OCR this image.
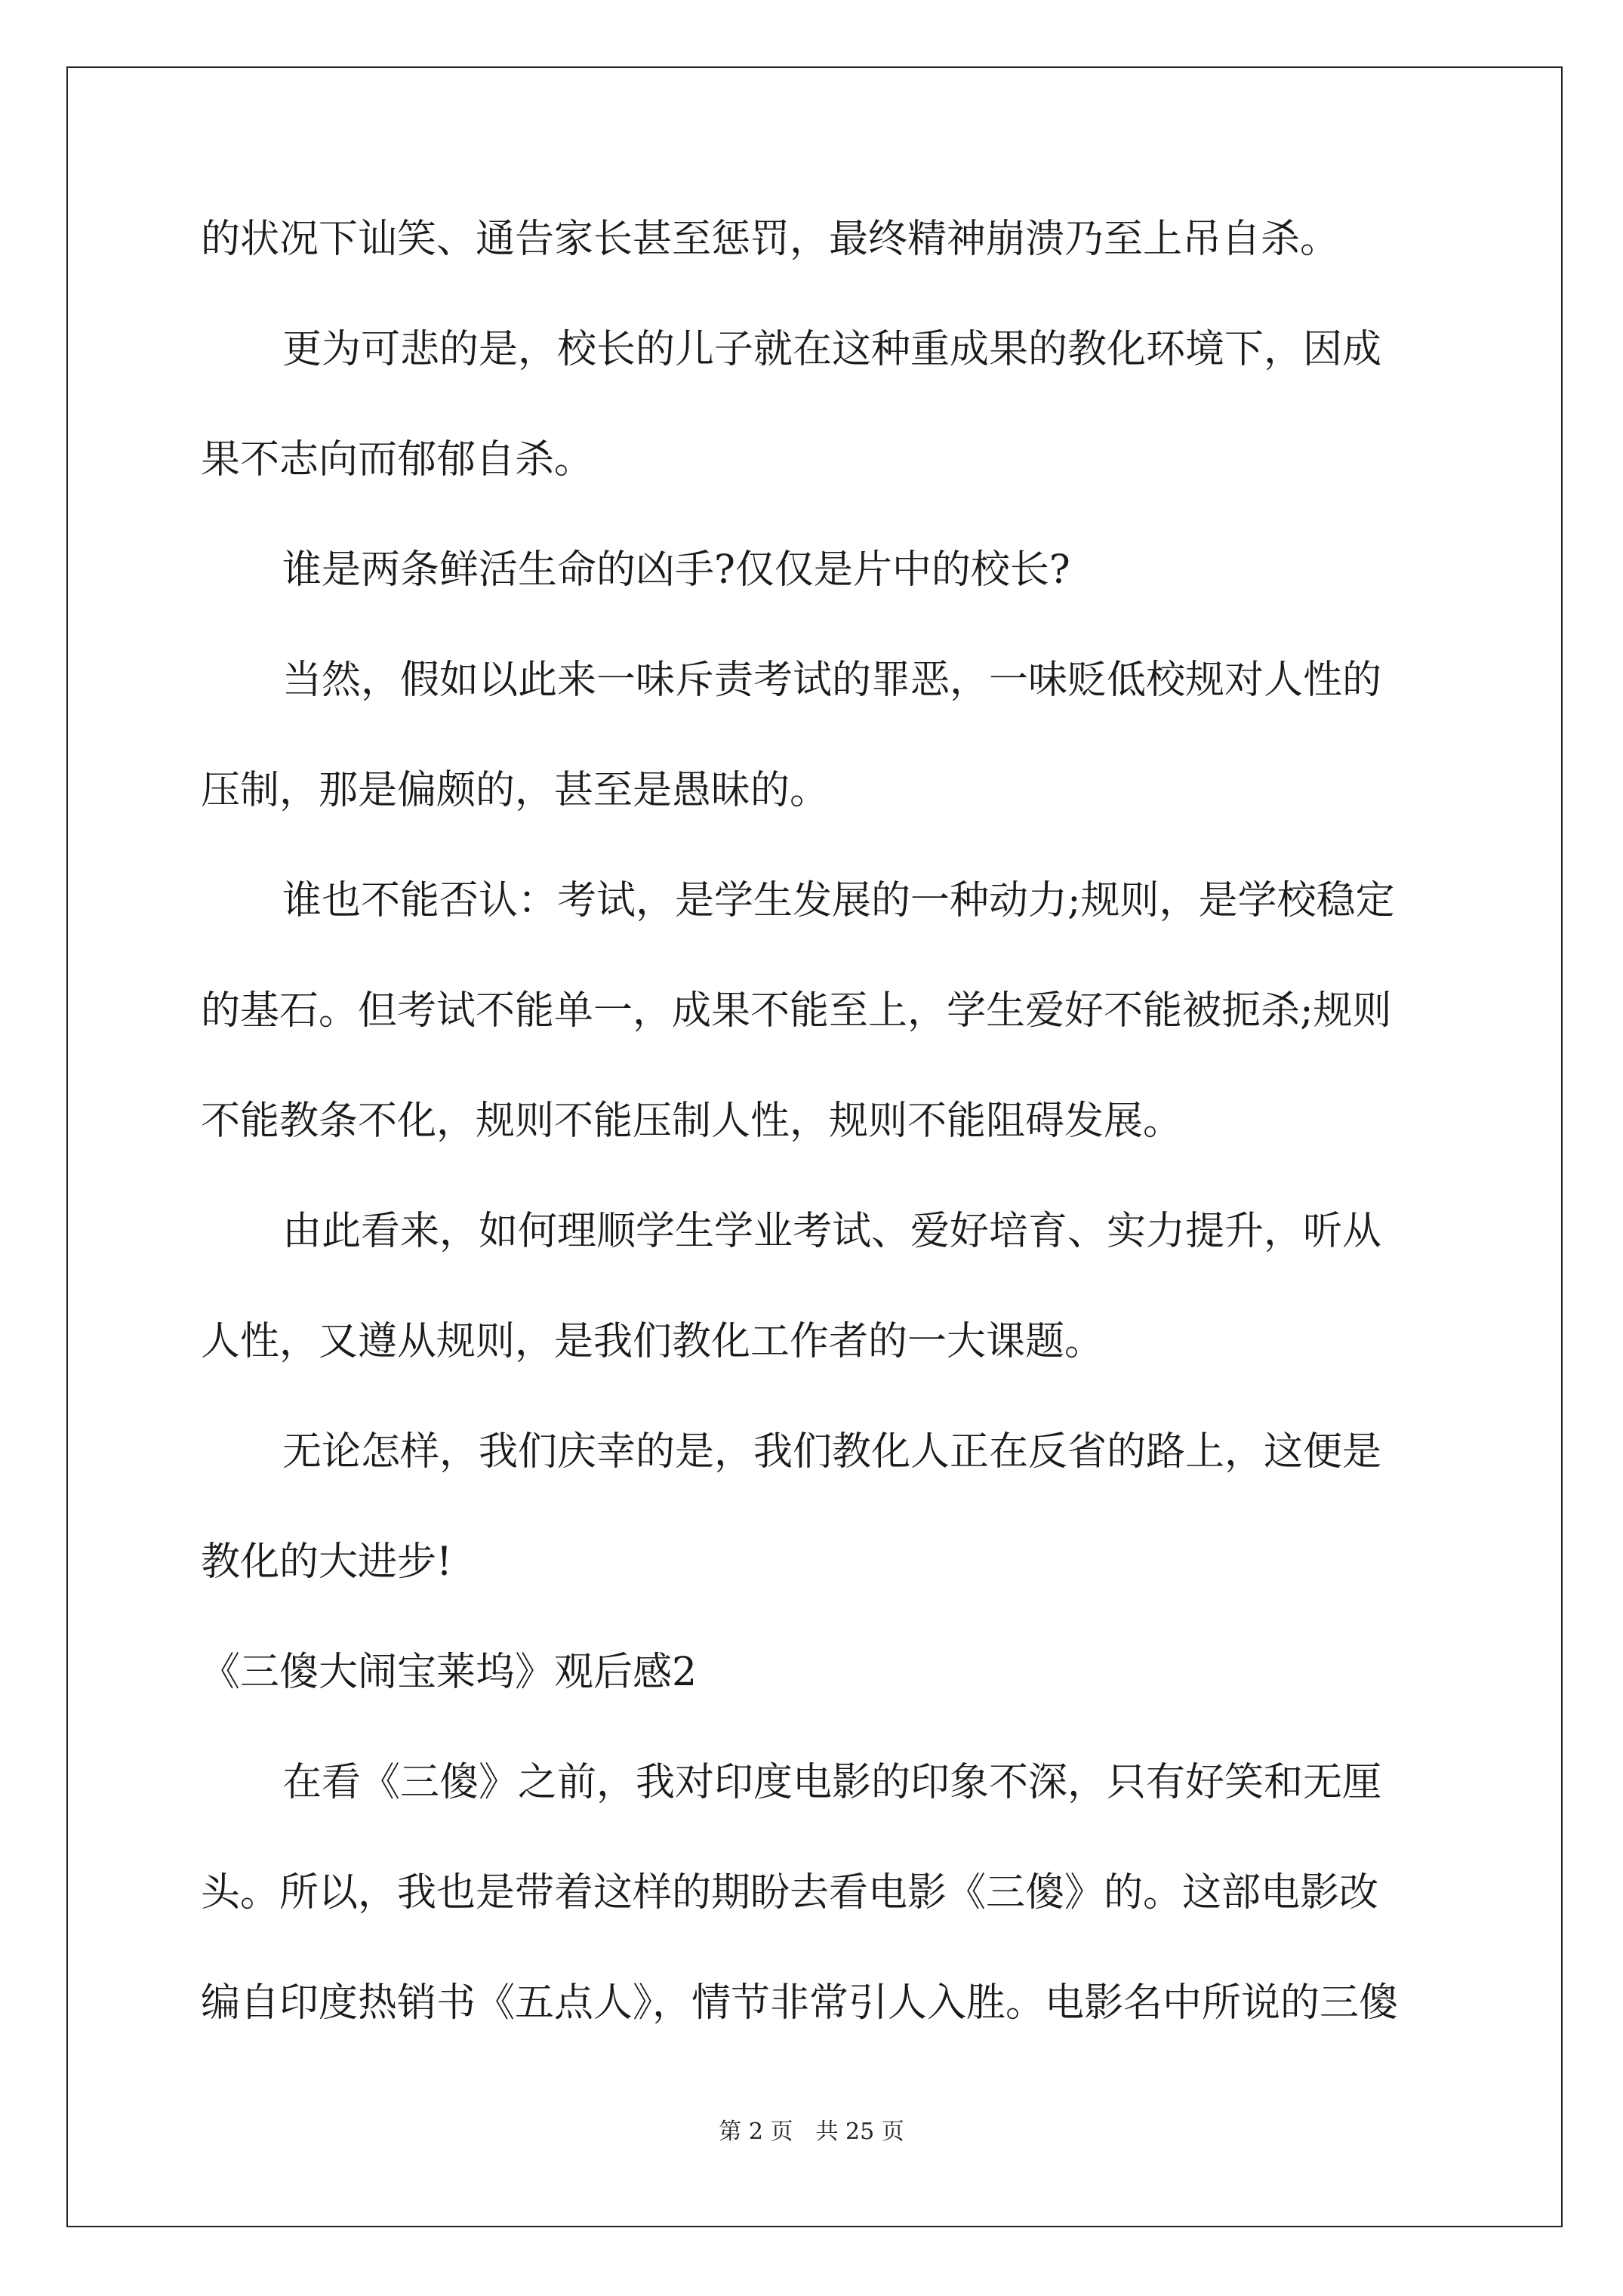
的状况下讪笑、通告家长甚至惩罚，最终精神崩溃乃至上吊自杀。
更为可悲的是，校长的儿子就在这种重成果的教化环境下，因成
果不志向而郁郁自杀。
谁是两条鲜活生命的凶手?仅仅是片中的校长?
当然，假如以此来一味斥责考试的罪恶，一味贬低校规对人性的
压制，那是偏颇的，甚至是愚昧的。
谁也不能否认：考试，是学生发展的一种动力;规则，是学校稳定
的基石。但考试不能单一，成果不能至上，学生爱好不能被扼杀;规则
不能教条不化，规则不能压制人性，规则不能阻碍发展。
由此看来，如何理顺学生学业考试、爱好培育、实力提升，听从
人性，又遵从规则，是我们教化工作者的一大课题。
无论怎样，我们庆幸的是，我们教化人正在反省的路上，这便是
教化的大进步!
《三傻大闹宝莱坞》观后感2
在看《三傻》之前，我对印度电影的印象不深，只有好笑和无厘
头。所以，我也是带着这样的期盼去看电影《三傻》的。这部电影改
编自印度热销书《五点人》，情节非常引人入胜。电影名中所说的三傻
第 2 页　共 25 页
